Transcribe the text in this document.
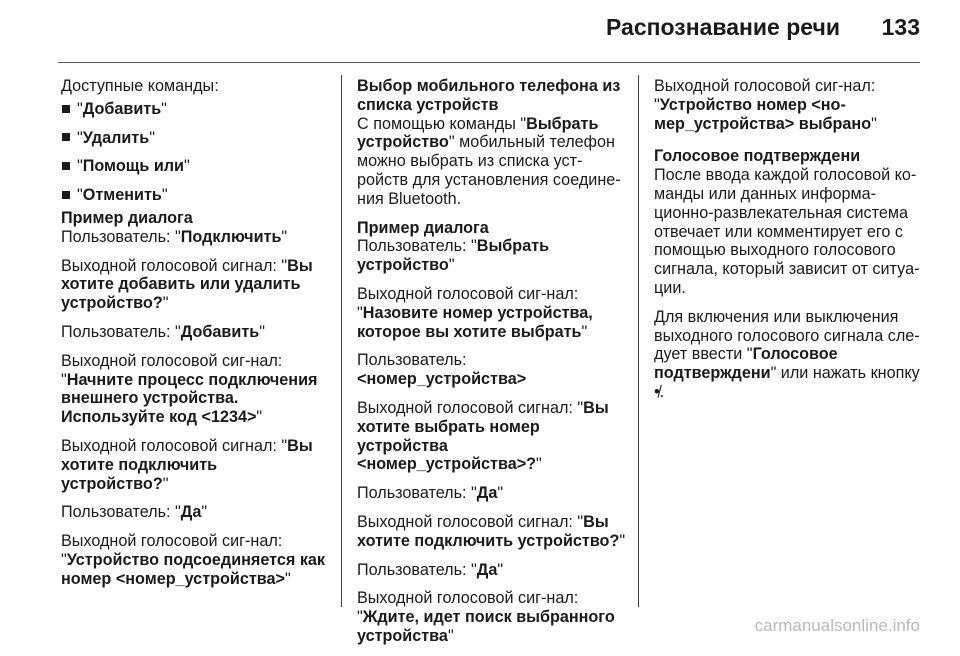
Распознавание речи 133

Доступные команды:

"Добавить"
"Удалить"
"Помощь или"
"Отменить"
Пример диалога

Пользователь: "Подключить"

Выходной голосовой сигнал: "Вы хотите добавить или удалить устройство?"

Пользователь: "Добавить"

Выходной голосовой сиг-нал: "Начните процесс подключения внешнего устройства. Используйте код <1234>"

Выходной голосовой сигнал: "Вы хотите подключить устройство?"

Пользователь: "Да"

Выходной голосовой сиг-нал: "Устройство подсоединяется как номер <номер_устройства>"

Выбор мобильного телефона из списка устройств

С помощью команды "Выбрать устройство" мобильный телефон можно выбрать из списка уст-ройств для установления соедине-ния Bluetooth.

Пример диалога

Пользователь: "Выбрать устройство"

Выходной голосовой сиг-нал: "Назовите номер устройства, которое вы хотите выбрать"

Пользователь: <номер_устройства>

Выходной голосовой сигнал: "Вы хотите выбрать номер устройства <номер_устройства>?"

Пользователь: "Да"

Выходной голосовой сигнал: "Вы хотите подключить устройство?"

Пользователь: "Да"

Выходной голосовой сиг-нал: "Ждите, идет поиск выбранного устройства"

Выходной голосовой сиг-нал: "Устройство номер <но-мер_устройства> выбрано"

Голосовое подтверждени

После ввода каждой голосовой ко-манды или данных информа-ционно-развлекательная система отвечает или комментирует его с помощью выходного голосового сигнала, который зависит от ситуа-ции.

Для включения или выключения выходного голосового сигнала сле-дует ввести "Голосовое подтверждени" или нажать кнопку •̸.

carmanualsonline.info
